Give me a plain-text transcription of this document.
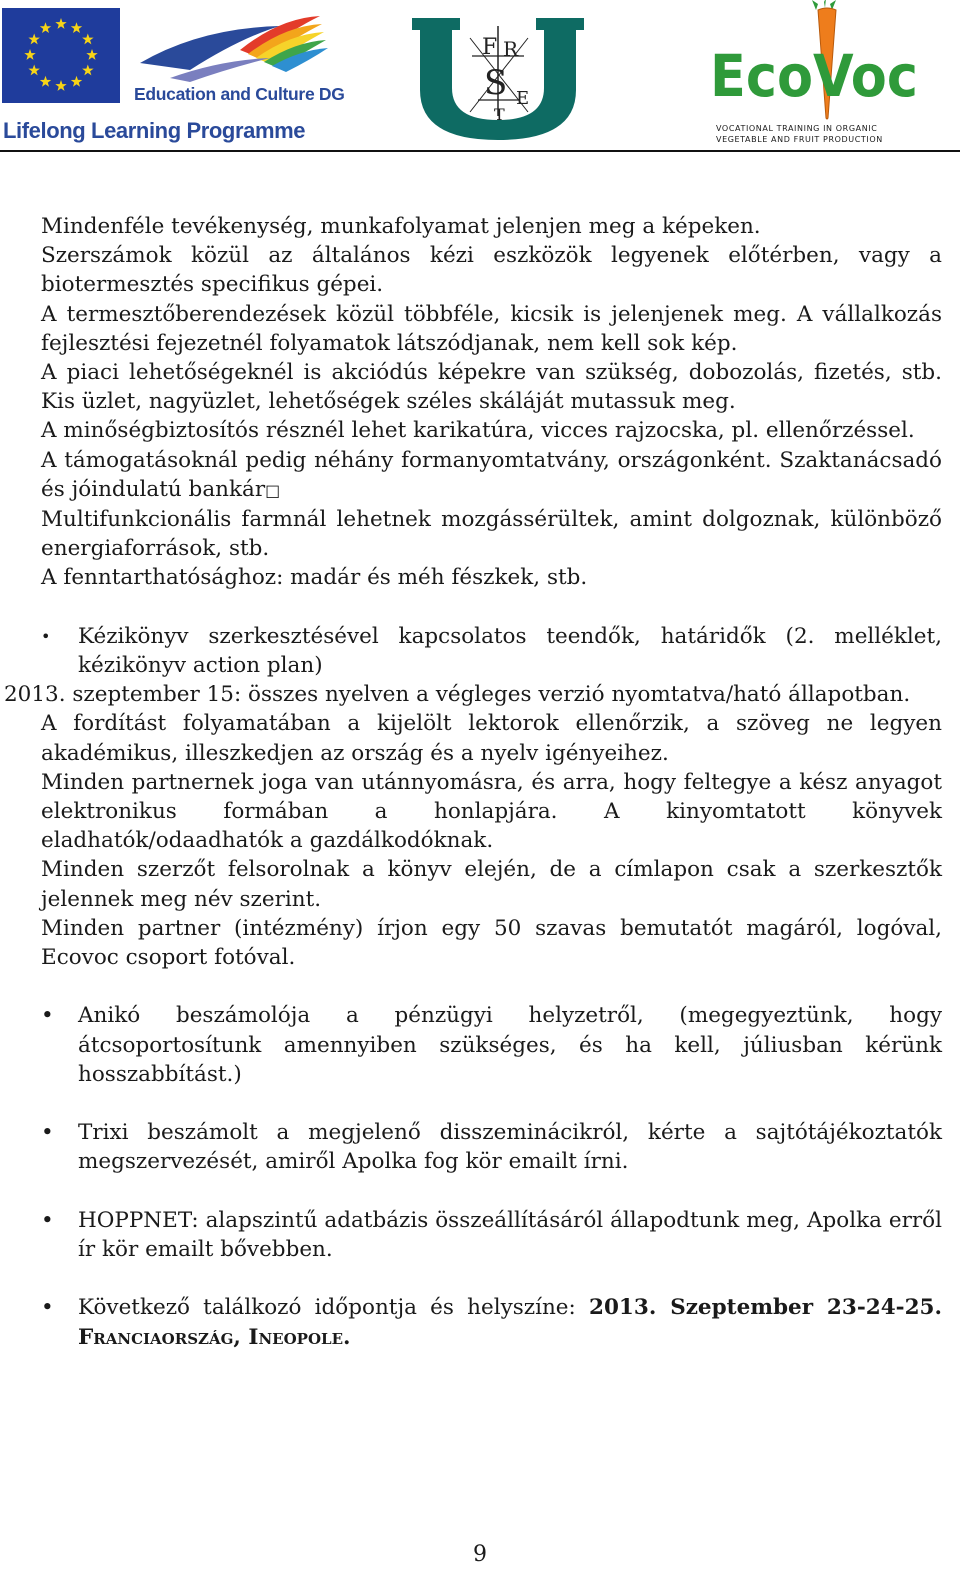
Education and Culture DG
Lifelong Learning Programme
F R
S
T
E	EcoVoc
VOCATIONAL TRAINING IN ORGANIC
VEGETABLE AND FRUIT PRODUCTION

Mindenféle tevékenység, munkafolyamat jelenjen meg a képeken.

Szerszámok közül az általános kézi eszközök legyenek előtérben, vagy a biotermesztés specifikus gépei.

A termesztőberendezések közül többféle, kicsik is jelenjenek meg. A vállalkozás fejlesztési fejezetnél folyamatok látszódjanak, nem kell sok kép.

A piaci lehetőségeknél is akciódús képekre van szükség, dobozolás, fizetés, stb. Kis üzlet, nagyüzlet, lehetőségek széles skáláját mutassuk meg.

A minőségbiztosítós résznél lehet karikatúra, vicces rajzocska, pl. ellenőrzéssel.

A támogatásoknál pedig néhány formanyomtatvány, országonként. Szaktanácsadó és jóindulatú bankár□

Multifunkcionális farmnál lehetnek mozgássérültek, amint dolgoznak, különböző energiaforrások, stb.

A fenntarthatósághoz: madár és méh fészkek, stb.

• Kézikönyv szerkesztésével kapcsolatos teendők, határidők (2. melléklet, kézikönyv action plan)

2013. szeptember 15: összes nyelven a végleges verzió nyomtatva/ható állapotban.

A fordítást folyamatában a kijelölt lektorok ellenőrzik, a szöveg ne legyen akadémikus, illeszkedjen az ország és a nyelv igényeihez.

Minden partnernek joga van utánnyomásra, és arra, hogy feltegye a kész anyagot elektronikus formában a honlapjára. A kinyomtatott könyvek eladhatók/odaadhatók a gazdálkodóknak.

Minden szerzőt felsorolnak a könyv elején, de a címlapon csak a szerkesztők jelennek meg név szerint.

Minden partner (intézmény) írjon egy 50 szavas bemutatót magáról, logóval, Ecovoc csoport fotóval.

• Anikó beszámolója a pénzügyi helyzetről, (megegyeztünk, hogy átcsoportosítunk amennyiben szükséges, és ha kell, júliusban kérünk hosszabbítást.)

• Trixi beszámolt a megjelenő disszeminácikról, kérte a sajtótájékoztatók megszervezését, amiről Apolka fog kör emailt írni.

• HOPPNET: alapszintű adatbázis összeállításáról állapodtunk meg, Apolka erről ír kör emailt bővebben.

• Következő találkozó időpontja és helyszíne: 2013. Szeptember 23-24-25. Franciaország, Ineopole.

9
